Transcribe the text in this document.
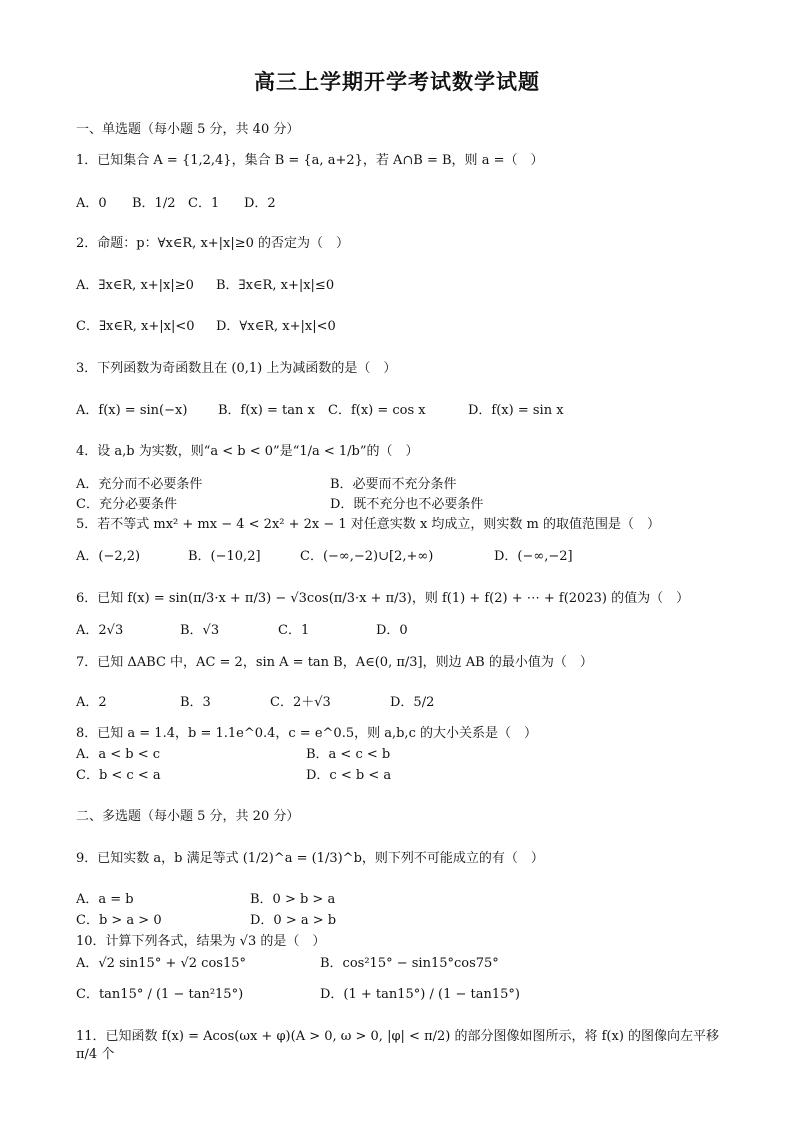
高三上学期开学考试数学试题
一、单选题（每小题 5 分，共 40 分）
1．已知集合 A = {1,2,4}，集合 B = {a, a+2}，若 A∩B = B，则 a =（　）
A．0 B．1/2 C．1 D．2
2．命题：p：∀x∈R, x+|x|≥0 的否定为（　）
A．∃x∈R, x+|x|≥0 B．∃x∈R, x+|x|≤0
C．∃x∈R, x+|x|<0 D．∀x∈R, x+|x|<0
3．下列函数为奇函数且在 (0,1) 上为减函数的是（　）
A．f(x) = sin(−x) B．f(x) = tan x C．f(x) = cos x	D．f(x) = sin x
4．设 a,b 为实数，则“a < b < 0”是“1/a < 1/b”的（　）
A．充分而不必要条件	B．必要而不充分条件
C．充分必要条件	D．既不充分也不必要条件
5．若不等式 mx² + mx − 4 < 2x² + 2x − 1 对任意实数 x 均成立，则实数 m 的取值范围是（　）
A．(−2,2)	B．(−10,2]	C．(−∞,−2)∪[2,+∞)	D．(−∞,−2]
6．已知 f(x) = sin(π/3·x + π/3) − √3cos(π/3·x + π/3)，则 f(1) + f(2) + ⋯ + f(2023) 的值为（　）
A．2√3	B．√3	C．1	D．0
7．已知 ΔABC 中，AC = 2，sin A = tan B，A∈(0, π/3]，则边 AB 的最小值为（　）
A．2	B．3	C．2＋√3	D．5/2
8．已知 a = 1.4，b = 1.1e^0.4，c = e^0.5，则 a,b,c 的大小关系是（　）
A．a < b < c	B．a < c < b
C．b < c < a	D．c < b < a
二、多选题（每小题 5 分，共 20 分）
9．已知实数 a，b 满足等式 (1/2)^a = (1/3)^b，则下列不可能成立的有（　）
A．a = b	B．0 > b > a
C．b > a > 0	D．0 > a > b
10．计算下列各式，结果为 √3 的是（　）
A．√2 sin15° + √2 cos15°	B．cos²15° − sin15°cos75°
C．tan15° / (1 − tan²15°)	D．(1 + tan15°) / (1 − tan15°)
11．已知函数 f(x) = Acos(ωx + φ)(A > 0, ω > 0, |φ| < π/2) 的部分图像如图所示，将 f(x) 的图像向左平移 π/4 个
